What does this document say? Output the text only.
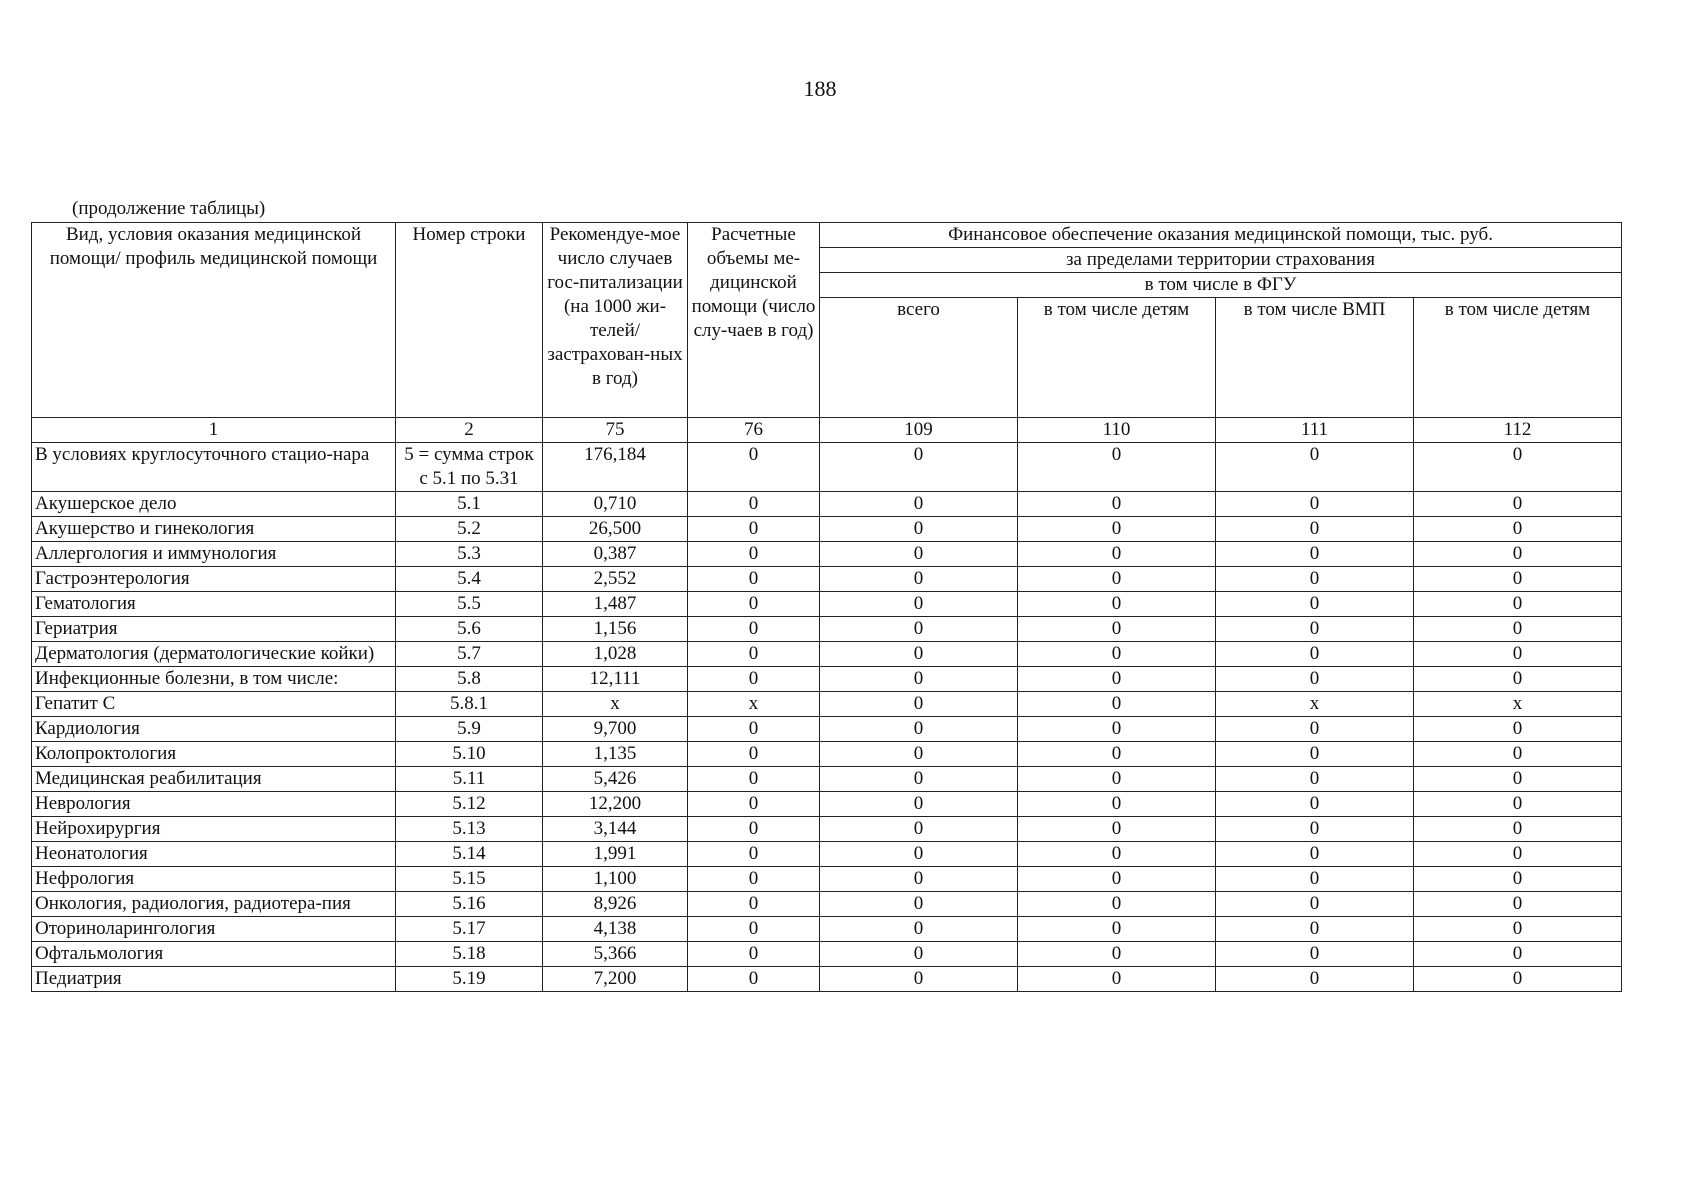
188
(продолжение таблицы)
Вид, условия оказания медицинской помощи/ профиль медицинской помощи	Номер строки	Рекомендуе-мое число случаев гос-питализации (на 1000 жи-телей/ застрахован-ных в год)	Расчетные объемы ме-дицинской помощи (число слу-чаев в год)	Финансовое обеспечение оказания медицинской помощи, тыс. руб.			
				за пределами территории страхования			
				в том числе в ФГУ			
				всего	в том числе детям	в том числе ВМП	в том числе детям
1	2	75	76	109	110	111	112
В условиях круглосуточного стацио-нара	5 = сумма строк с 5.1 по 5.31	176,184	0	0	0	0	0
Акушерское дело	5.1	0,710	0	0	0	0	0
Акушерство и гинекология	5.2	26,500	0	0	0	0	0
Аллергология и иммунология	5.3	0,387	0	0	0	0	0
Гастроэнтерология	5.4	2,552	0	0	0	0	0
Гематология	5.5	1,487	0	0	0	0	0
Гериатрия	5.6	1,156	0	0	0	0	0
Дерматология (дерматологические койки)	5.7	1,028	0	0	0	0	0
Инфекционные болезни, в том числе:	5.8	12,111	0	0	0	0	0
Гепатит С	5.8.1	x	x	0	0	x	x
Кардиология	5.9	9,700	0	0	0	0	0
Колопроктология	5.10	1,135	0	0	0	0	0
Медицинская реабилитация	5.11	5,426	0	0	0	0	0
Неврология	5.12	12,200	0	0	0	0	0
Нейрохирургия	5.13	3,144	0	0	0	0	0
Неонатология	5.14	1,991	0	0	0	0	0
Нефрология	5.15	1,100	0	0	0	0	0
Онкология, радиология, радиотера-пия	5.16	8,926	0	0	0	0	0
Оториноларингология	5.17	4,138	0	0	0	0	0
Офтальмология	5.18	5,366	0	0	0	0	0
Педиатрия	5.19	7,200	0	0	0	0	0
